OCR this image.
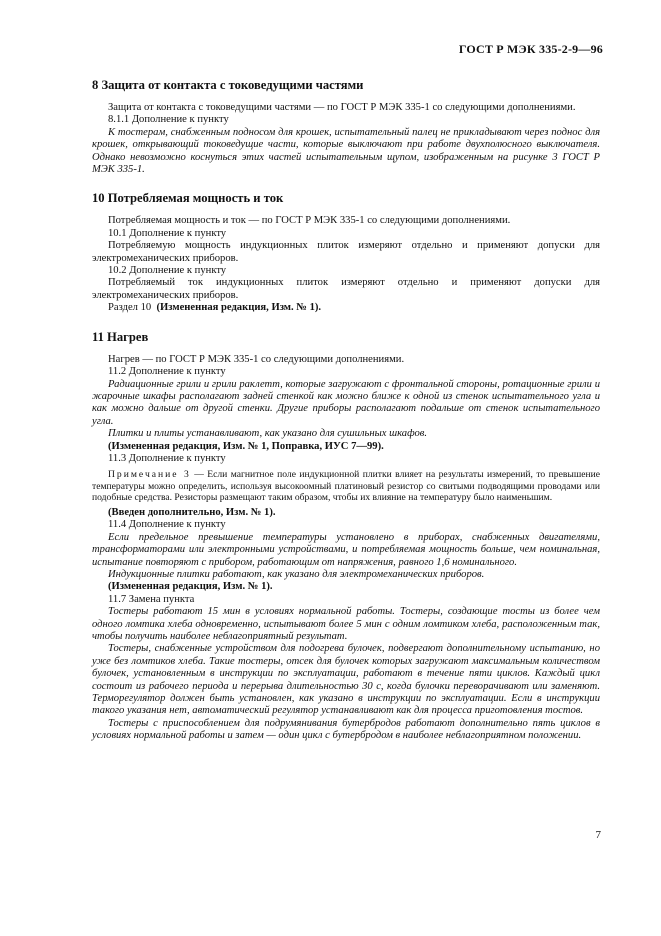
ГОСТ Р МЭК 335-2-9—96
8 Защита от контакта с токоведущими частями

Защита от контакта с токоведущими частями — по ГОСТ Р МЭК 335-1 со следующими дополнениями.

8.1.1 Дополнение к пункту

К тостерам, снабженным подносом для крошек, испытательный палец не прикладывают через поднос для крошек, открывающий токоведущие части, которые выключают при работе двухполюсного выключателя. Однако невозможно коснуться этих частей испытательным щупом, изображенным на рисунке 3 ГОСТ Р МЭК 335-1.

10 Потребляемая мощность и ток

Потребляемая мощность и ток — по ГОСТ Р МЭК 335-1 со следующими дополнениями.

10.1 Дополнение к пункту

Потребляемую мощность индукционных плиток измеряют отдельно и применяют допуски для электромеханических приборов.

10.2 Дополнение к пункту

Потребляемый ток индукционных плиток измеряют отдельно и применяют допуски для электромеханических приборов.

Раздел 10 (Измененная редакция, Изм. № 1).

11 Нагрев

Нагрев — по ГОСТ Р МЭК 335-1 со следующими дополнениями.

11.2 Дополнение к пункту

Радиационные грили и грили раклетт, которые загружают с фронтальной стороны, ротационные грили и жарочные шкафы располагают задней стенкой как можно ближе к одной из стенок испытательного угла и как можно дальше от другой стенки. Другие приборы располагают подальше от стенок испытательного угла.

Плитки и плиты устанавливают, как указано для сушильных шкафов.

(Измененная редакция, Изм. № 1, Поправка, ИУС 7—99).

11.3 Дополнение к пункту

Примечание 3 — Если магнитное поле индукционной плитки влияет на результаты измерений, то превышение температуры можно определить, используя высокоомный платиновый резистор со свитыми подводящими проводами или подобные средства. Резисторы размещают таким образом, чтобы их влияние на температуру было наименьшим.

(Введен дополнительно, Изм. № 1).

11.4 Дополнение к пункту

Если предельное превышение температуры установлено в приборах, снабженных двигателями, трансформаторами или электронными устройствами, и потребляемая мощность больше, чем номинальная, испытание повторяют с прибором, работающим от напряжения, равного 1,6 номинального.

Индукционные плитки работают, как указано для электромеханических приборов.

(Измененная редакция, Изм. № 1).

11.7 Замена пункта

Тостеры работают 15 мин в условиях нормальной работы. Тостеры, создающие тосты из более чем одного ломтика хлеба одновременно, испытывают более 5 мин с одним ломтиком хлеба, расположенным так, чтобы получить наиболее неблагоприятный результат.

Тостеры, снабженные устройством для подогрева булочек, подвергают дополнительному испытанию, но уже без ломтиков хлеба. Такие тостеры, отсек для булочек которых загружают максимальным количеством булочек, установленным в инструкции по эксплуатации, работают в течение пяти циклов. Каждый цикл состоит из рабочего периода и перерыва длительностью 30 с, когда булочки переворачивают или заменяют. Терморегулятор должен быть установлен, как указано в инструкции по эксплуатации. Если в инструкции такого указания нет, автоматический регулятор устанавливают как для процесса приготовления тостов.

Тостеры с приспособлением для подрумянивания бутербродов работают дополнительно пять циклов в условиях нормальной работы и затем — один цикл с бутербродом в наиболее неблагоприятном положении.

7
